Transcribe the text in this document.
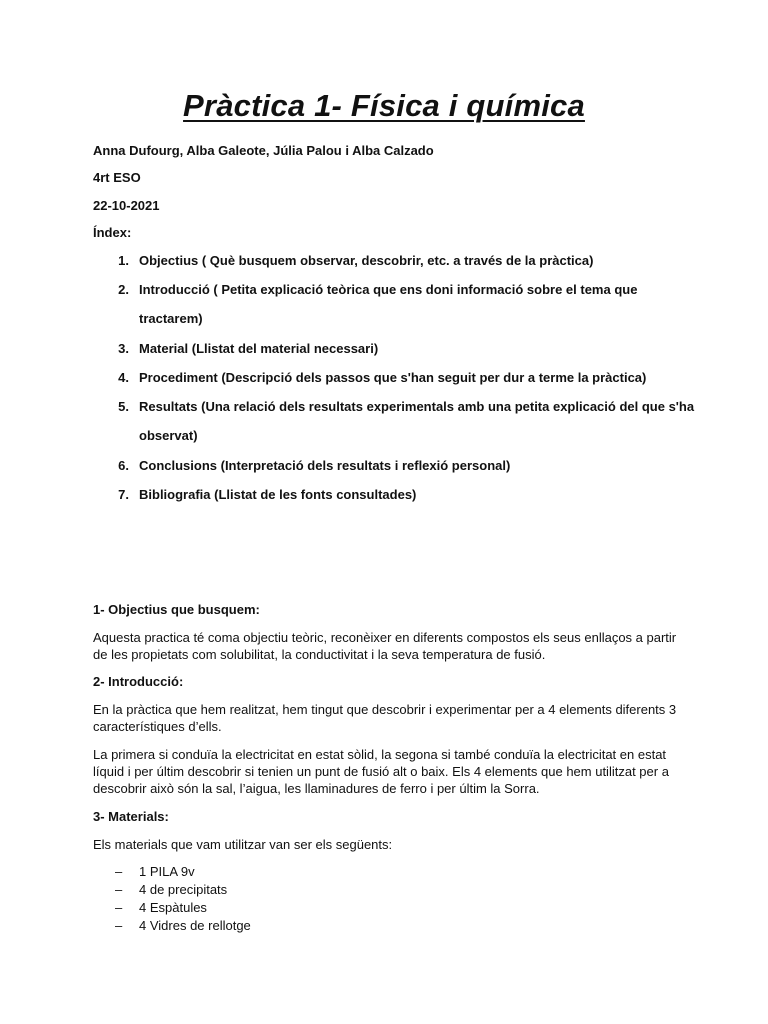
Pràctica 1- Física i química
Anna Dufourg, Alba Galeote, Júlia Palou i Alba Calzado
4rt ESO
22-10-2021
Índex:
1. Objectius ( Què busquem observar, descobrir, etc. a través de la pràctica)
2. Introducció ( Petita explicació teòrica que ens doni informació sobre el tema que
tractarem)
3. Material (Llistat del material necessari)
4. Procediment (Descripció dels passos que s'han seguit per dur a terme la pràctica)
5. Resultats (Una relació dels resultats experimentals amb una petita explicació del que s'ha
observat)
6. Conclusions (Interpretació dels resultats i reflexió personal)
7. Bibliografia (Llistat de les fonts consultades)
1- Objectius que busquem:
Aquesta practica té coma objectiu teòric, reconèixer en diferents compostos els seus enllaços a partir de les propietats com solubilitat, la conductivitat i la seva temperatura de fusió.
2- Introducció:
En la pràctica que hem realitzat, hem tingut que descobrir i experimentar per a 4 elements diferents 3 característiques d’ells.
La primera si conduïa la electricitat en estat sòlid, la segona si també conduïa la electricitat en estat líquid i per últim descobrir si tenien un punt de fusió alt o baix. Els 4 elements que hem utilitzat per a descobrir això són la sal, l’aigua, les llaminadures de ferro i per últim la Sorra.
3- Materials:
Els materials que vam utilitzar van ser els següents:
– 1 PILA 9v
– 4 de precipitats
– 4 Espàtules
– 4 Vidres de rellotge
